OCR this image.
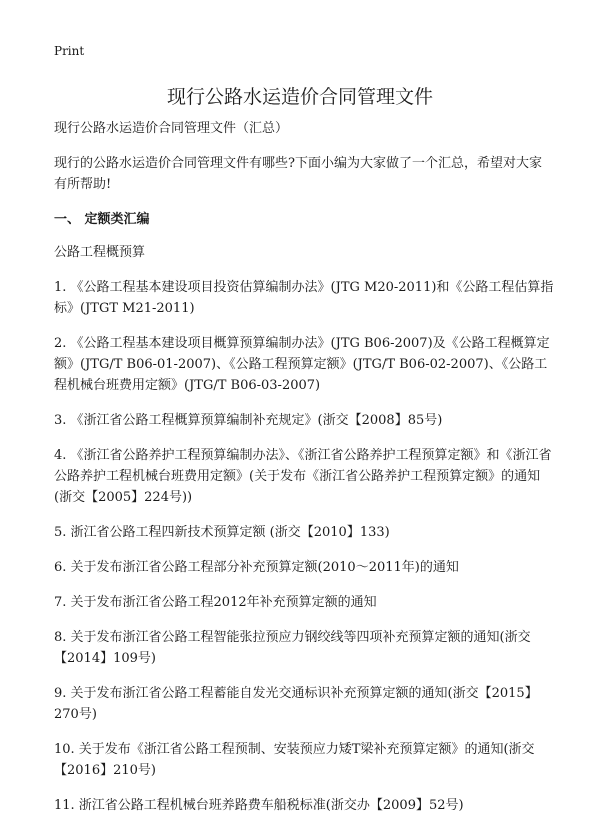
Print
现行公路水运造价合同管理文件

现行公路水运造价合同管理文件（汇总）

现行的公路水运造价合同管理文件有哪些?下面小编为大家做了一个汇总，希望对大家有所帮助!

一、 定额类汇编

公路工程概预算

1. 《公路工程基本建设项目投资估算编制办法》(JTG M20-2011)和《公路工程估算指标》(JTGT M21-2011)

2. 《公路工程基本建设项目概算预算编制办法》(JTG B06-2007)及《公路工程概算定额》(JTG/T B06-01-2007)、《公路工程预算定额》(JTG/T B06-02-2007)、《公路工程机械台班费用定额》(JTG/T B06-03-2007)

3. 《浙江省公路工程概算预算编制补充规定》(浙交【2008】85号)

4. 《浙江省公路养护工程预算编制办法》、《浙江省公路养护工程预算定额》和《浙江省公路养护工程机械台班费用定额》(关于发布《浙江省公路养护工程预算定额》的通知(浙交【2005】224号))

5. 浙江省公路工程四新技术预算定额 (浙交【2010】133)

6. 关于发布浙江省公路工程部分补充预算定额(2010～2011年)的通知

7. 关于发布浙江省公路工程2012年补充预算定额的通知

8. 关于发布浙江省公路工程智能张拉预应力钢绞线等四项补充预算定额的通知(浙交【2014】109号)

9. 关于发布浙江省公路工程蓄能自发光交通标识补充预算定额的通知(浙交【2015】270号)

10. 关于发布《浙江省公路工程预制、安装预应力矮T梁补充预算定额》的通知(浙交【2016】210号)

11. 浙江省公路工程机械台班养路费车船税标准(浙交办【2009】52号)
